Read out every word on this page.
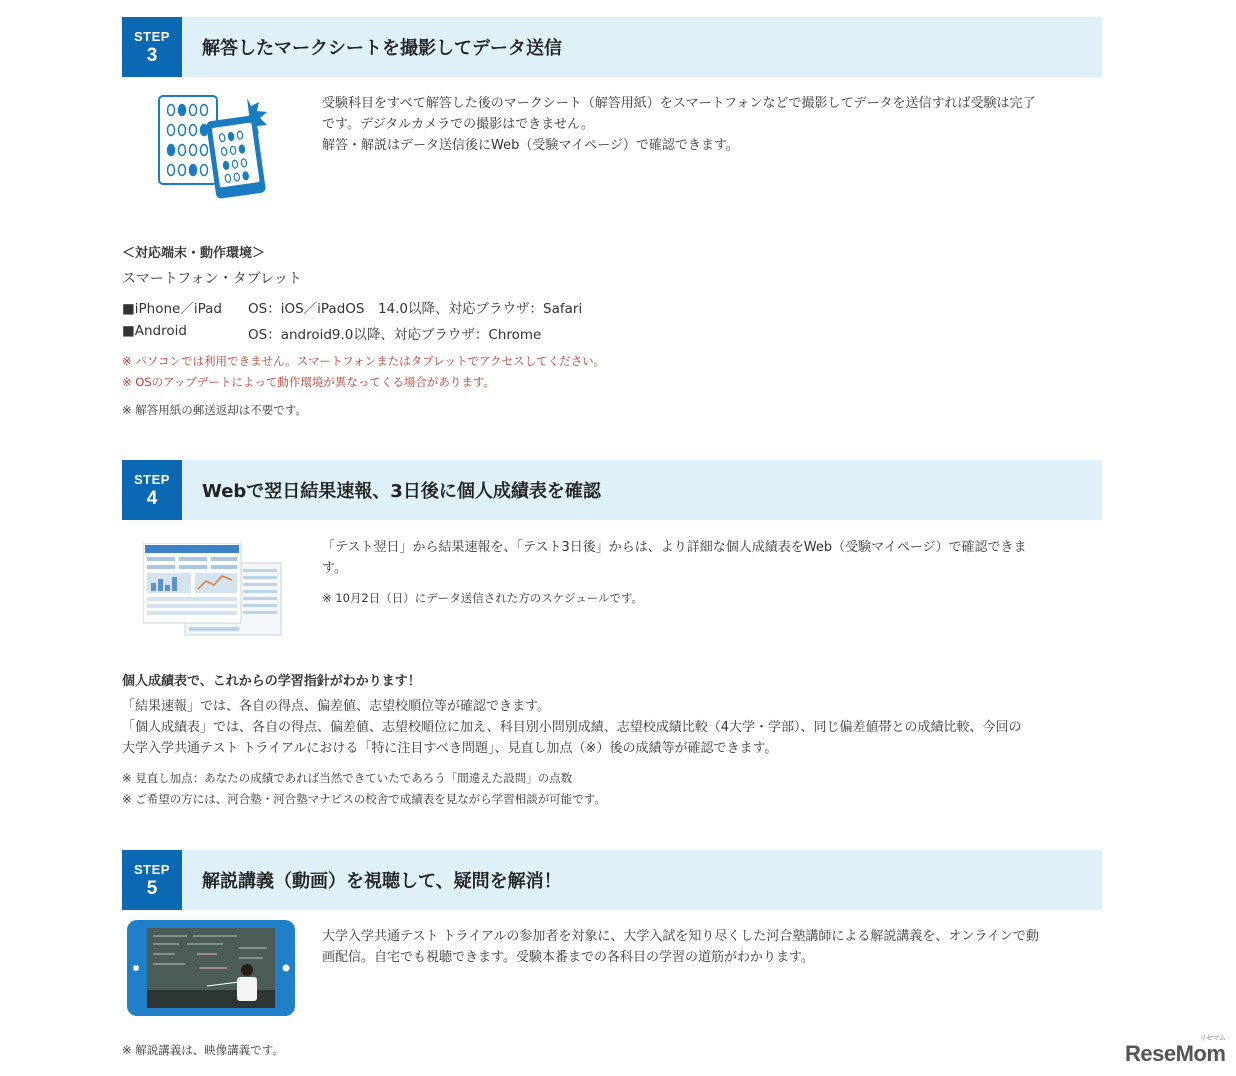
STEP
3 解答したマークシートを撮影してデータ送信
受験科目をすべて解答した後のマークシート（解答用紙）をスマートフォンなどで撮影してデータを送信すれば受験は完了
です。デジタルカメラでの撮影はできません。
解答・解説はデータ送信後にWeb（受験マイページ）で確認できます。
＜対応端末・動作環境＞
スマートフォン・タブレット
■iPhone／iPad OS：iOS／iPadOS　14.0以降、対応ブラウザ：Safari
■Android	OS：android9.0以降、対応ブラウザ：Chrome
※ パソコンでは利用できません。スマートフォンまたはタブレットでアクセスしてください。
※ OSのアップデートによって動作環境が異なってくる場合があります。
※ 解答用紙の郵送返却は不要です。
STEP
4 Webで翌日結果速報、3日後に個人成績表を確認
「テスト翌日」から結果速報を、「テスト3日後」からは、より詳細な個人成績表をWeb（受験マイページ）で確認できま
す。
※ 10月2日（日）にデータ送信された方のスケジュールです。
個人成績表で、これからの学習指針がわかります！
「結果速報」では、各自の得点、偏差値、志望校順位等が確認できます。
「個人成績表」では、各自の得点、偏差値、志望校順位に加え、科目別小問別成績、志望校成績比較（4大学・学部）、同じ偏差値帯との成績比較、今回の
大学入学共通テスト トライアルにおける「特に注目すべき問題」、見直し加点（※）後の成績等が確認できます。
※ 見直し加点：あなたの成績であれば当然できていたであろう「間違えた設問」の点数
※ ご希望の方には、河合塾・河合塾マナビスの校舎で成績表を見ながら学習相談が可能です。
STEP
5 解説講義（動画）を視聴して、疑問を解消！
大学入学共通テスト トライアルの参加者を対象に、大学入試を知り尽くした河合塾講師による解説講義を、オンラインで動
画配信。自宅でも視聴できます。受験本番までの各科目の学習の道筋がわかります。
※ 解説講義は、映像講義です。	ReseMom
リセマム
